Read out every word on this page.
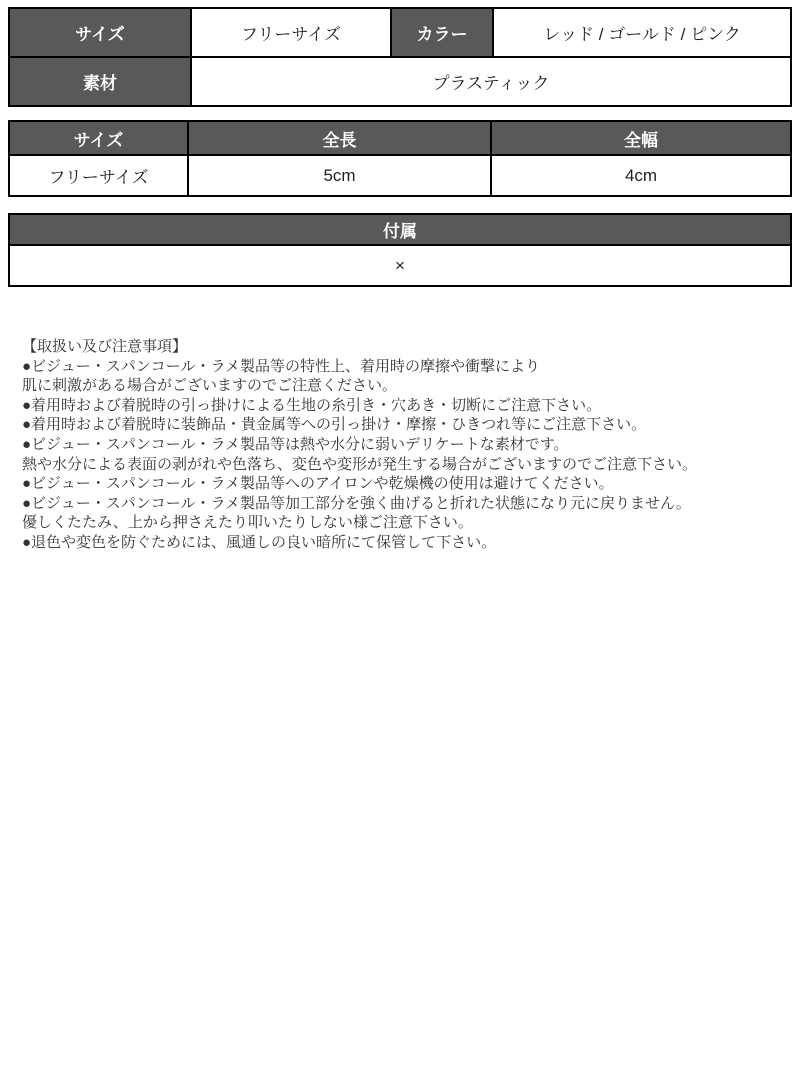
サイズ	フリーサイズ	カラー	レッド / ゴールド / ピンク
素材	プラスティック		
サイズ	全長	全幅
フリーサイズ	5cm	4cm
付属
×
【取扱い及び注意事項】
●ビジュー・スパンコール・ラメ製品等の特性上、着用時の摩擦や衝撃により
肌に刺激がある場合がございますのでご注意ください。
●着用時および着脱時の引っ掛けによる生地の糸引き・穴あき・切断にご注意下さい。
●着用時および着脱時に装飾品・貴金属等への引っ掛け・摩擦・ひきつれ等にご注意下さい。
●ビジュー・スパンコール・ラメ製品等は熱や水分に弱いデリケートな素材です。
熱や水分による表面の剥がれや色落ち、変色や変形が発生する場合がございますのでご注意下さい。
●ビジュー・スパンコール・ラメ製品等へのアイロンや乾燥機の使用は避けてください。
●ビジュー・スパンコール・ラメ製品等加工部分を強く曲げると折れた状態になり元に戻りません。
優しくたたみ、上から押さえたり叩いたりしない様ご注意下さい。
●退色や変色を防ぐためには、風通しの良い暗所にて保管して下さい。
